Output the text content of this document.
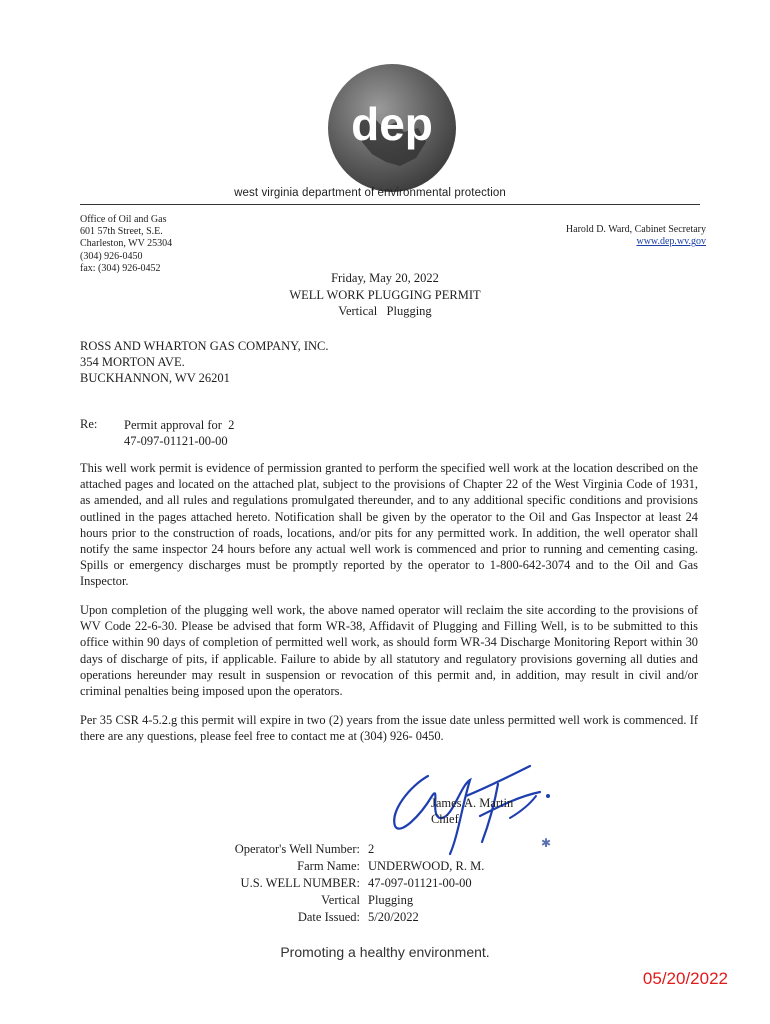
dep
west virginia department of environmental protection
Office of Oil and Gas
601 57th Street, S.E.
Charleston, WV 25304
(304) 926-0450
fax: (304) 926-0452
Harold D. Ward, Cabinet Secretary
www.dep.wv.gov
Friday, May 20, 2022
WELL WORK PLUGGING PERMIT
Vertical   Plugging
ROSS AND WHARTON GAS COMPANY, INC.
354 MORTON AVE.
BUCKHANNON, WV 26201
Re: Permit approval for  2
47-097-01121-00-00

This well work permit is evidence of permission granted to perform the specified well work at the location described on the attached pages and located on the attached plat, subject to the provisions of Chapter 22 of the West Virginia Code of 1931, as amended, and all rules and regulations promulgated thereunder, and to any additional specific conditions and provisions outlined in the pages attached hereto. Notification shall be given by the operator to the Oil and Gas Inspector at least 24 hours prior to the construction of roads, locations, and/or pits for any permitted work. In addition, the well operator shall notify the same inspector 24 hours before any actual well work is commenced and prior to running and cementing casing. Spills or emergency discharges must be promptly reported by the operator to 1-800-642-3074 and to the Oil and Gas Inspector.

Upon completion of the plugging well work, the above named operator will reclaim the site according to the provisions of WV Code 22-6-30. Please be advised that form WR-38, Affidavit of Plugging and Filling Well, is to be submitted to this office within 90 days of completion of permitted well work, as should form WR-34 Discharge Monitoring Report within 30 days of discharge of pits, if applicable. Failure to abide by all statutory and regulatory provisions governing all duties and operations hereunder may result in suspension or revocation of this permit and, in addition, may result in civil and/or criminal penalties being imposed upon the operators.

Per 35 CSR 4-5.2.g this permit will expire in two (2) years from the issue date unless permitted well work is commenced. If there are any questions, please feel free to contact me at (304) 926- 0450.

James A. Martin
Chief
✱
Operator's Well Number: 2
Farm Name: UNDERWOOD, R. M.
U.S. WELL NUMBER: 47-097-01121-00-00
Vertical Plugging
Date Issued: 5/20/2022
Promoting a healthy environment.
05/20/2022
